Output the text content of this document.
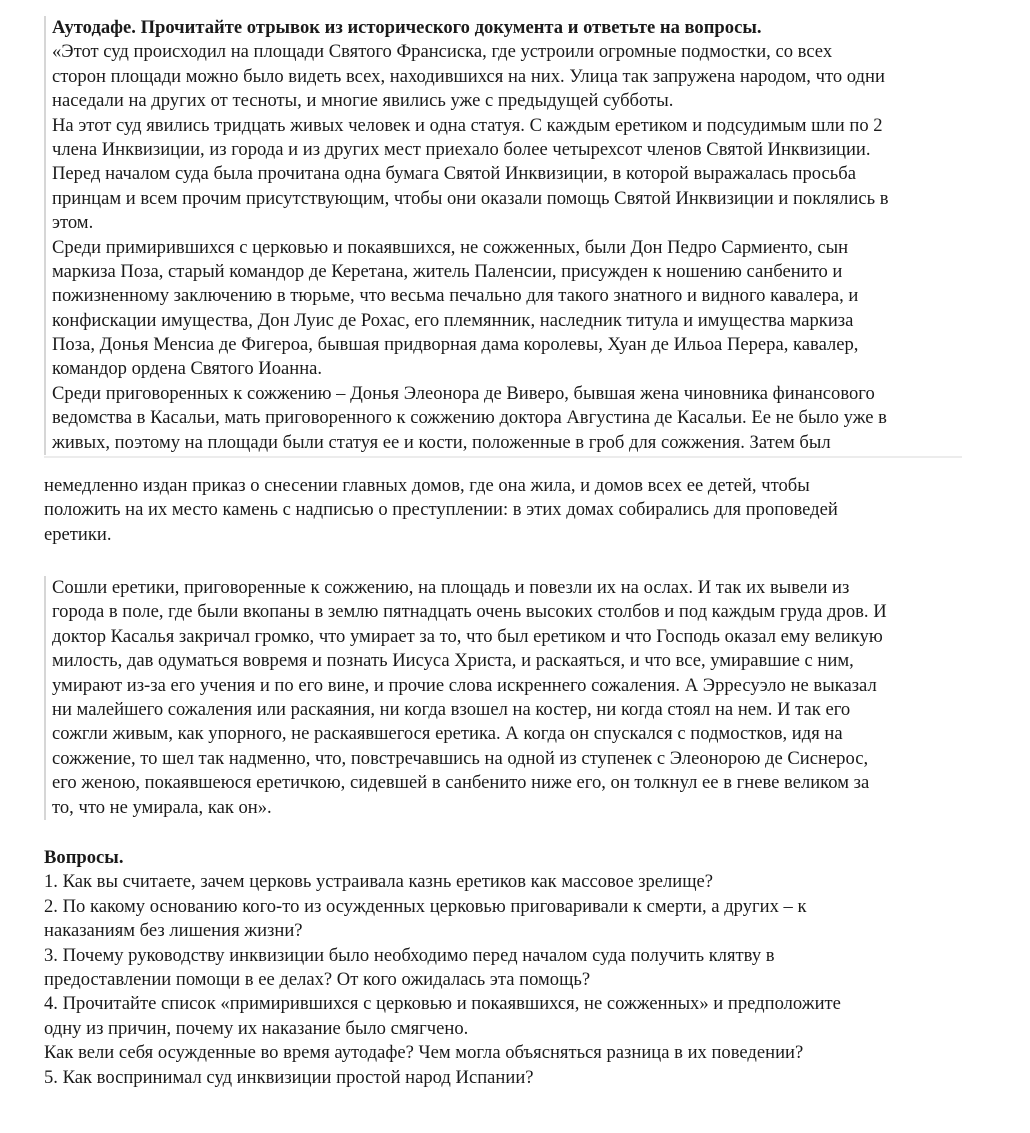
Аутодафе. Прочитайте отрывок из исторического документа и ответьте на вопросы.
«Этот суд происходил на площади Святого Франсиска, где устроили огромные подмостки, со всех
сторон площади можно было видеть всех, находившихся на них. Улица так запружена народом, что одни
наседали на других от тесноты, и многие явились уже с предыдущей субботы.
На этот суд явились тридцать живых человек и одна статуя. С каждым еретиком и подсудимым шли по 2
члена Инквизиции, из города и из других мест приехало более четырехсот членов Святой Инквизиции.
Перед началом суда была прочитана одна бумага Святой Инквизиции, в которой выражалась просьба
принцам и всем прочим присутствующим, чтобы они оказали помощь Святой Инквизиции и поклялись в
этом.
Среди примирившихся с церковью и покаявшихся, не сожженных, были Дон Педро Сармиенто, сын
маркиза Поза, старый командор де Керетана, житель Паленсии, присужден к ношению санбенито и
пожизненному заключению в тюрьме, что весьма печально для такого знатного и видного кавалера, и
конфискации имущества, Дон Луис де Рохас, его племянник, наследник титула и имущества маркиза
Поза, Донья Менсиа де Фигероа, бывшая придворная дама королевы, Хуан де Ильоа Перера, кавалер,
командор ордена Святого Иоанна.
Среди приговоренных к сожжению – Донья Элеонора де Виверо, бывшая жена чиновника финансового
ведомства в Касальи, мать приговоренного к сожжению доктора Августина де Касальи. Ее не было уже в
живых, поэтому на площади были статуя ее и кости, положенные в гроб для сожжения. Затем был
немедленно издан приказ о снесении главных домов, где она жила, и домов всех ее детей, чтобы
положить на их место камень с надписью о преступлении: в этих домах собирались для проповедей
еретики.
Сошли еретики, приговоренные к сожжению, на площадь и повезли их на ослах. И так их вывели из
города в поле, где были вкопаны в землю пятнадцать очень высоких столбов и под каждым груда дров. И
доктор Касалья закричал громко, что умирает за то, что был еретиком и что Господь оказал ему великую
милость, дав одуматься вовремя и познать Иисуса Христа, и раскаяться, и что все, умиравшие с ним,
умирают из-за его учения и по его вине, и прочие слова искреннего сожаления. А Эрресуэло не выказал
ни малейшего сожаления или раскаяния, ни когда взошел на костер, ни когда стоял на нем. И так его
сожгли живым, как упорного, не раскаявшегося еретика. А когда он спускался с подмостков, идя на
сожжение, то шел так надменно, что, повстречавшись на одной из ступенек с Элеонорою де Сиснерос,
его женою, покаявшеюся еретичкою, сидевшей в санбенито ниже его, он толкнул ее в гневе великом за
то, что не умирала, как он».
Вопросы.
1. Как вы считаете, зачем церковь устраивала казнь еретиков как массовое зрелище?
2. По какому основанию кого-то из осужденных церковью приговаривали к смерти, а других – к
наказаниям без лишения жизни?
3. Почему руководству инквизиции было необходимо перед началом суда получить клятву в
предоставлении помощи в ее делах? От кого ожидалась эта помощь?
4. Прочитайте список «примирившихся с церковью и покаявшихся, не сожженных» и предположите
одну из причин, почему их наказание было смягчено.
Как вели себя осужденные во время аутодафе? Чем могла объясняться разница в их поведении?
5. Как воспринимал суд инквизиции простой народ Испании?
